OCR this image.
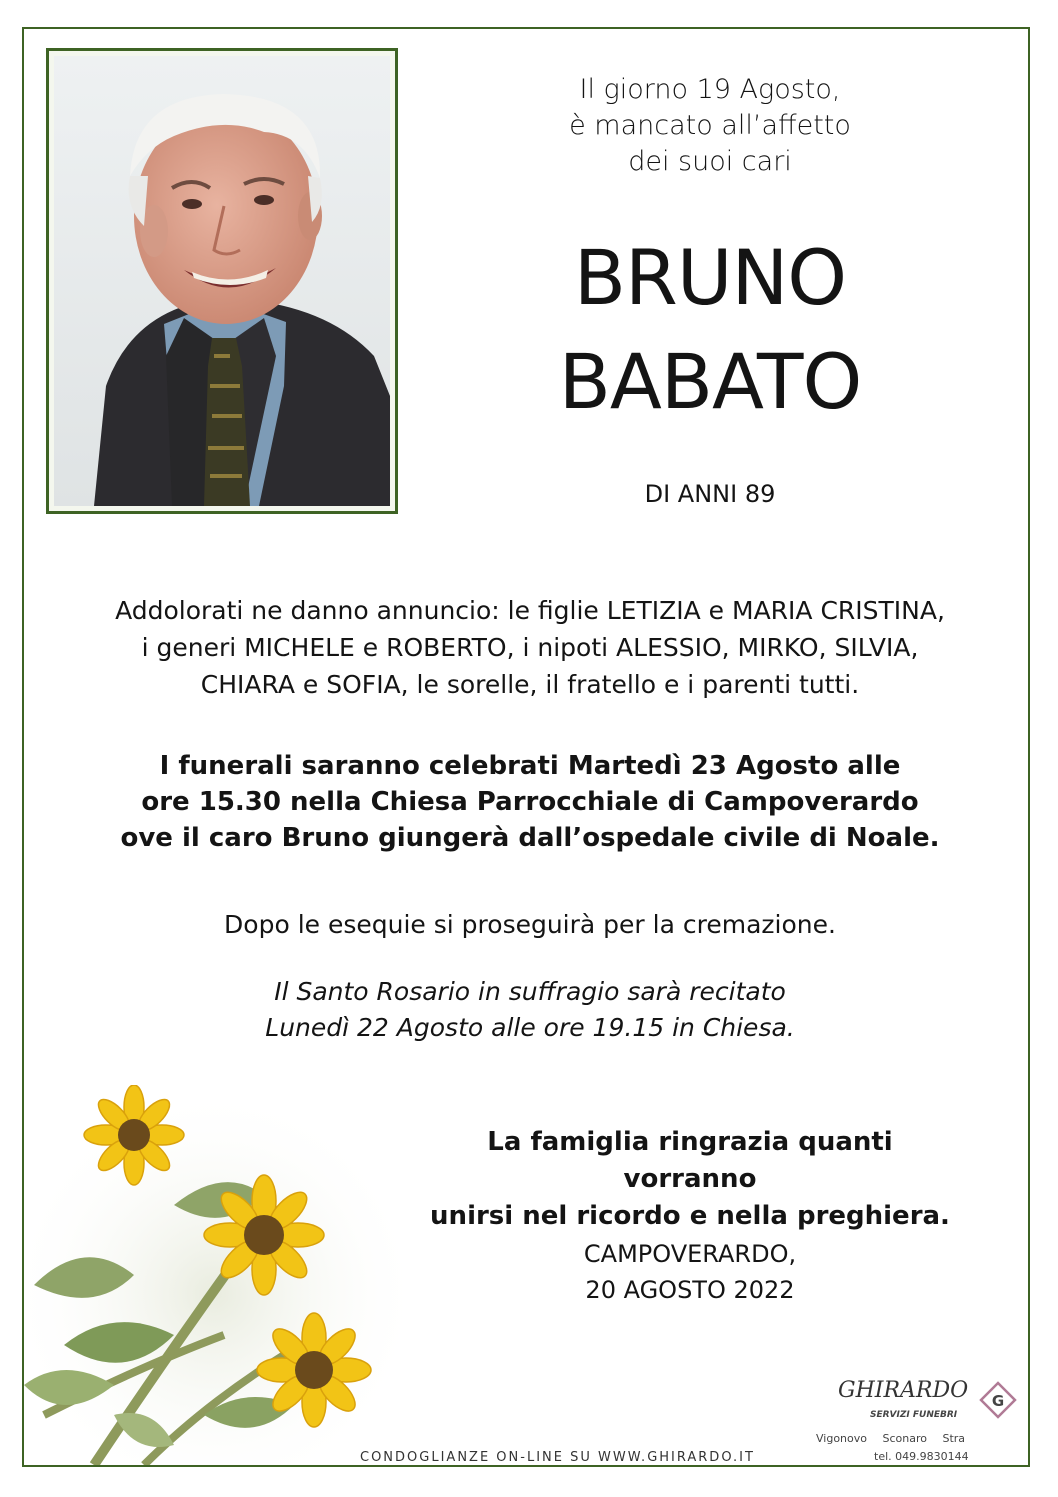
Il giorno 19 Agosto,
è mancato all’affetto
dei suoi cari
BRUNO
BABATO
DI ANNI 89
Addolorati ne danno annuncio: le figlie LETIZIA e MARIA CRISTINA,
i generi MICHELE e ROBERTO, i nipoti ALESSIO, MIRKO, SILVIA,
CHIARA e SOFIA, le sorelle, il fratello e i parenti tutti.
I funerali saranno celebrati Martedì 23 Agosto alle
ore 15.30 nella Chiesa Parrocchiale di Campoverardo
ove il caro Bruno giungerà dall’ospedale civile di Noale.
Dopo le esequie si proseguirà per la cremazione.
Il Santo Rosario in suffragio sarà recitato
Lunedì 22 Agosto alle ore 19.15 in Chiesa.
La famiglia ringrazia quanti vorranno
unirsi nel ricordo e nella preghiera.
CAMPOVERARDO,
20 AGOSTO 2022
CONDOGLIANZE ON-LINE SU WWW.GHIRARDO.IT
GHIRARDO
SERVIZI FUNEBRI
G
Vigonovo Sconaro Stra
tel. 049.9830144
